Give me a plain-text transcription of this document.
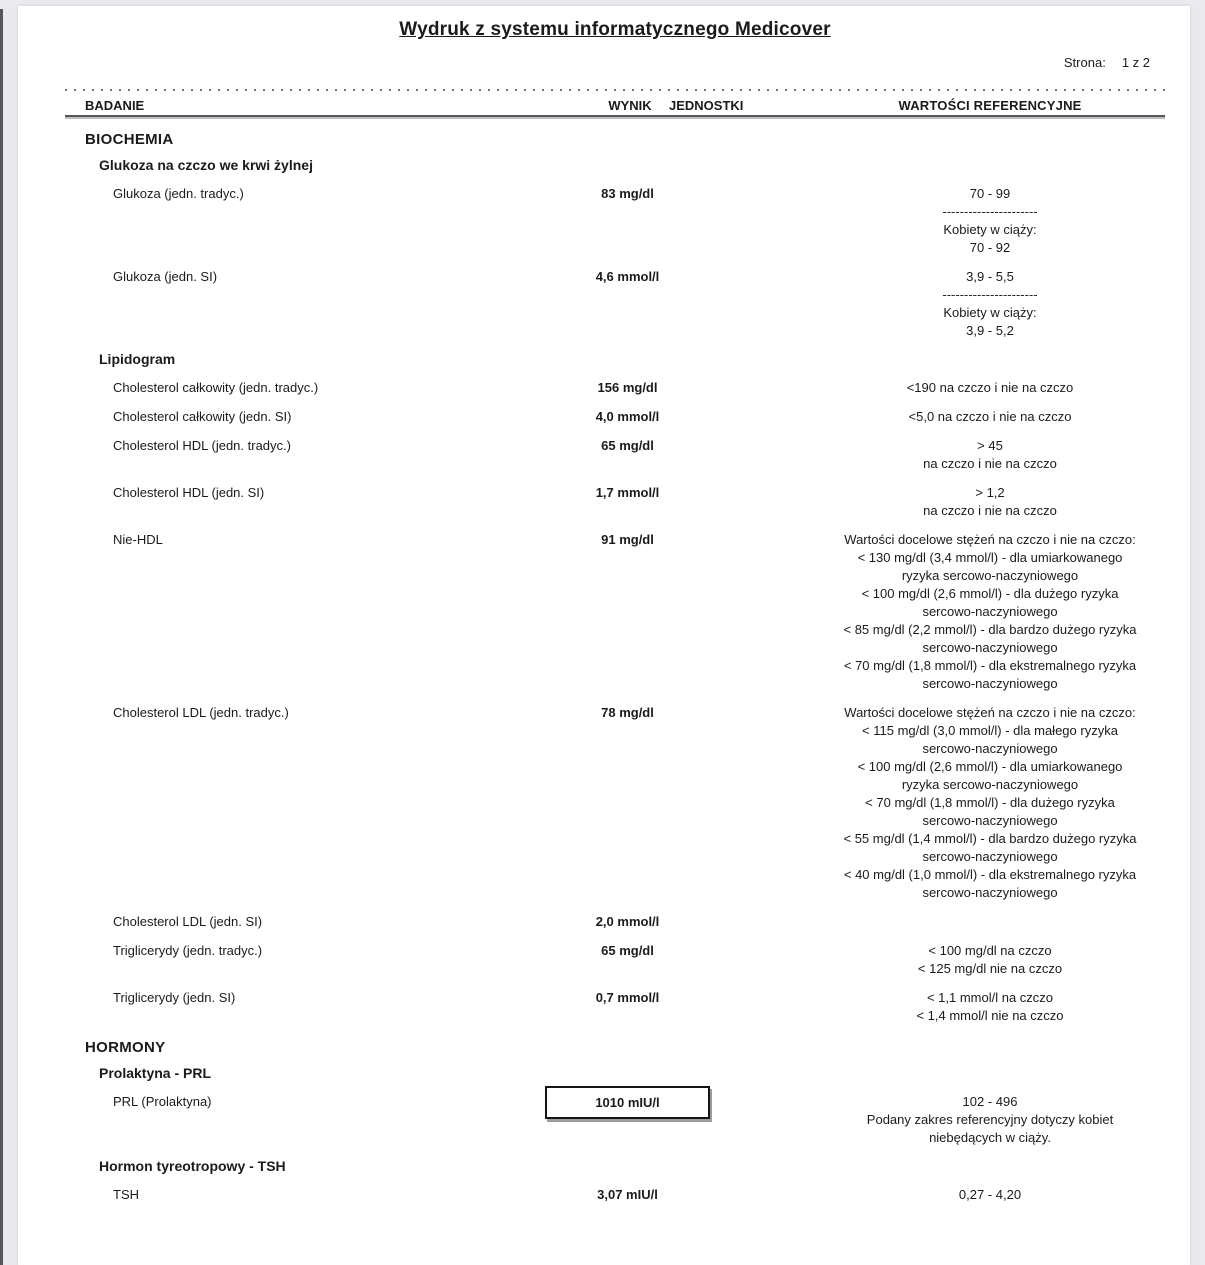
Wydruk z systemu informatycznego Medicover
Strona: 1 z 2
BADANIE	WYNIK	JEDNOSTKI	WARTOŚCI REFERENCYJNE
BIOCHEMIA
Glukoza na czczo we krwi żylnej
Glukoza (jedn. tradyc.)	83 mg/dl	70 - 99
----------------------
Kobiety w ciąży:
70 - 92
Glukoza (jedn. SI)	4,6 mmol/l	3,9 - 5,5
----------------------
Kobiety w ciąży:
3,9 - 5,2
Lipidogram
Cholesterol całkowity (jedn. tradyc.)	156 mg/dl	<190 na czczo i nie na czczo
Cholesterol całkowity (jedn. SI)	4,0 mmol/l	<5,0 na czczo i nie na czczo
Cholesterol HDL (jedn. tradyc.)	65 mg/dl	> 45
na czczo i nie na czczo
Cholesterol HDL (jedn. SI)	1,7 mmol/l	> 1,2
na czczo i nie na czczo
Nie-HDL	91 mg/dl	Wartości docelowe stężeń na czczo i nie na czczo:
< 130 mg/dl (3,4 mmol/l) - dla umiarkowanego ryzyka sercowo-naczyniowego
< 100 mg/dl (2,6 mmol/l) - dla dużego ryzyka sercowo-naczyniowego
< 85 mg/dl (2,2 mmol/l) - dla bardzo dużego ryzyka sercowo-naczyniowego
< 70 mg/dl (1,8 mmol/l) - dla ekstremalnego ryzyka sercowo-naczyniowego
Cholesterol LDL (jedn. tradyc.)	78 mg/dl	Wartości docelowe stężeń na czczo i nie na czczo:
< 115 mg/dl (3,0 mmol/l) - dla małego ryzyka sercowo-naczyniowego
< 100 mg/dl (2,6 mmol/l) - dla umiarkowanego ryzyka sercowo-naczyniowego
< 70 mg/dl (1,8 mmol/l) - dla dużego ryzyka sercowo-naczyniowego
< 55 mg/dl (1,4 mmol/l) - dla bardzo dużego ryzyka sercowo-naczyniowego
< 40 mg/dl (1,0 mmol/l) - dla ekstremalnego ryzyka sercowo-naczyniowego
Cholesterol LDL (jedn. SI)	2,0 mmol/l
Triglicerydy (jedn. tradyc.)	65 mg/dl	< 100 mg/dl na czczo
< 125 mg/dl nie na czczo
Triglicerydy (jedn. SI)	0,7 mmol/l	< 1,1 mmol/l na czczo
< 1,4 mmol/l nie na czczo
HORMONY
Prolaktyna - PRL
PRL (Prolaktyna)	1010 mIU/l	102 - 496
Podany zakres referencyjny dotyczy kobiet niebędących w ciąży.
Hormon tyreotropowy - TSH
TSH	3,07 mIU/l	0,27 - 4,20
